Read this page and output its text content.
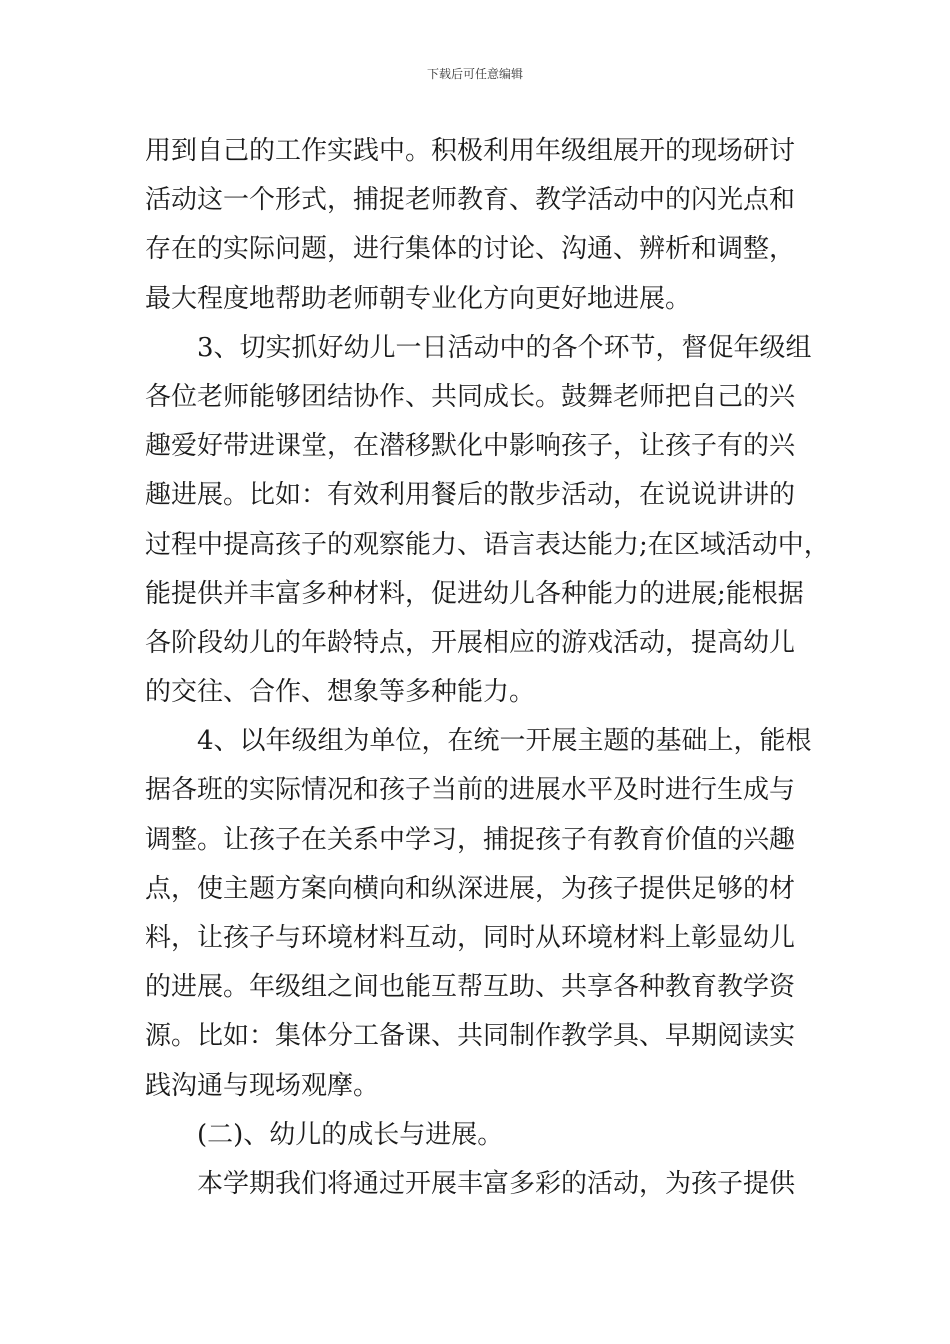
下载后可任意编辑
用到自己的工作实践中。积极利用年级组展开的现场研讨
活动这一个形式，捕捉老师教育、教学活动中的闪光点和
存在的实际问题，进行集体的讨论、沟通、辨析和调整，
最大程度地帮助老师朝专业化方向更好地进展。
3、切实抓好幼儿一日活动中的各个环节，督促年级组
各位老师能够团结协作、共同成长。鼓舞老师把自己的兴
趣爱好带进课堂，在潜移默化中影响孩子，让孩子有的兴
趣进展。比如：有效利用餐后的散步活动，在说说讲讲的
过程中提高孩子的观察能力、语言表达能力;在区域活动中，
能提供并丰富多种材料，促进幼儿各种能力的进展;能根据
各阶段幼儿的年龄特点，开展相应的游戏活动，提高幼儿
的交往、合作、想象等多种能力。
4、以年级组为单位，在统一开展主题的基础上，能根
据各班的实际情况和孩子当前的进展水平及时进行生成与
调整。让孩子在关系中学习，捕捉孩子有教育价值的兴趣
点，使主题方案向横向和纵深进展，为孩子提供足够的材
料，让孩子与环境材料互动，同时从环境材料上彰显幼儿
的进展。年级组之间也能互帮互助、共享各种教育教学资
源。比如：集体分工备课、共同制作教学具、早期阅读实
践沟通与现场观摩。
(二)、幼儿的成长与进展。
本学期我们将通过开展丰富多彩的活动，为孩子提供
